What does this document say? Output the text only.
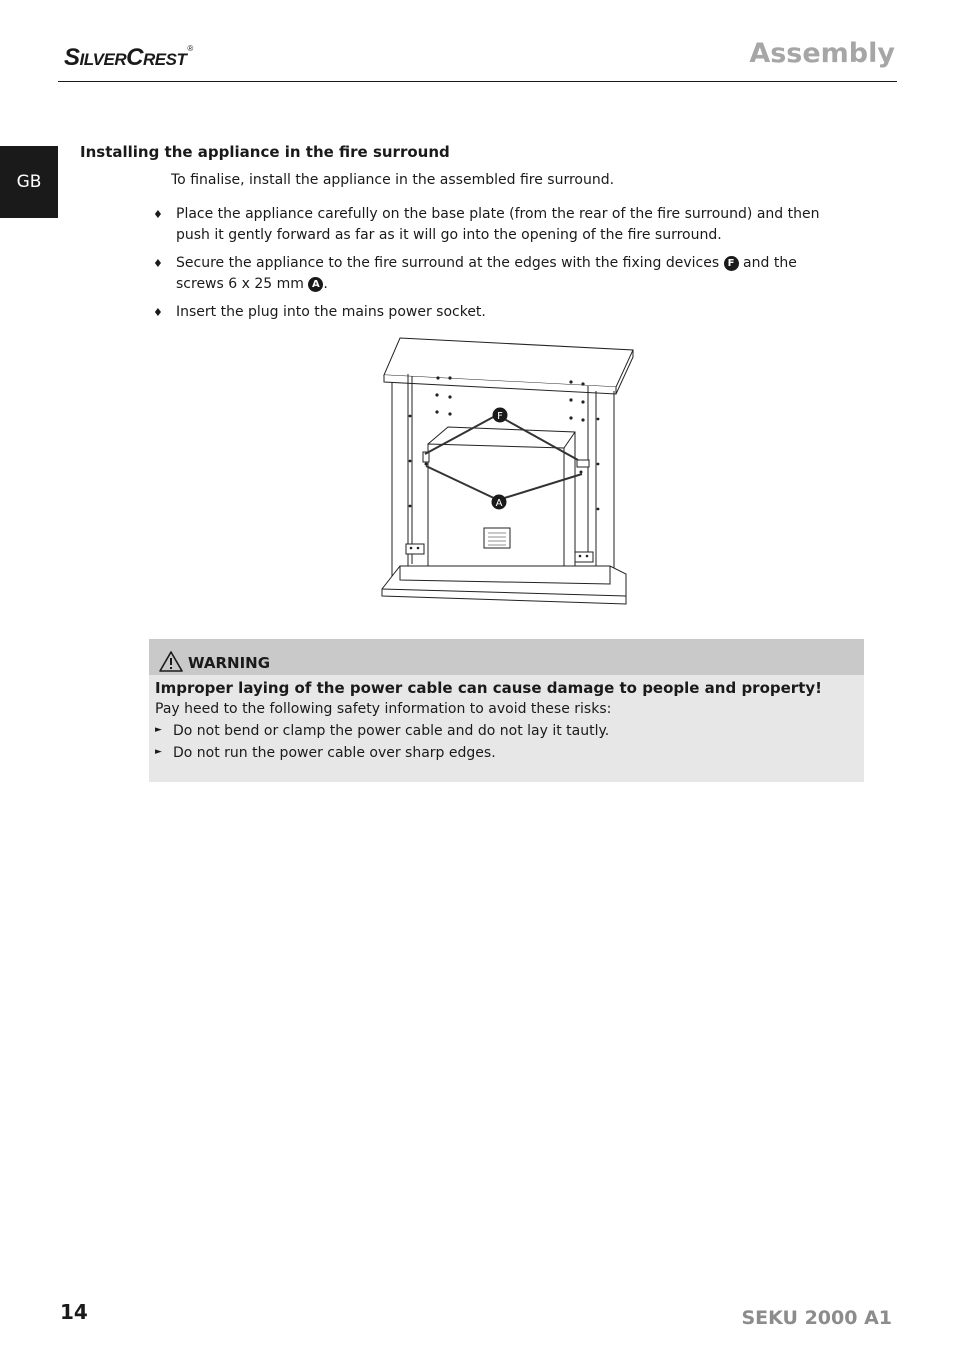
SILVERCREST®	Assembly
GB
Installing the appliance in the fire surround
To finalise, install the appliance in the assembled fire surround.
♦ Place the appliance carefully on the base plate (from the rear of the fire surround) and then push it gently forward as far as it will go into the opening of the fire surround.
♦ Secure the appliance to the fire surround at the edges with the fixing devices F and the screws 6 x 25 mm A .
♦ Insert the plug into the mains power socket.
F
A
WARNING
Improper laying of the power cable can cause damage to people and property!
Pay heed to the following safety information to avoid these risks:
► Do not bend or clamp the power cable and do not lay it tautly.
► Do not run the power cable over sharp edges.
14	SEKU 2000 A1
